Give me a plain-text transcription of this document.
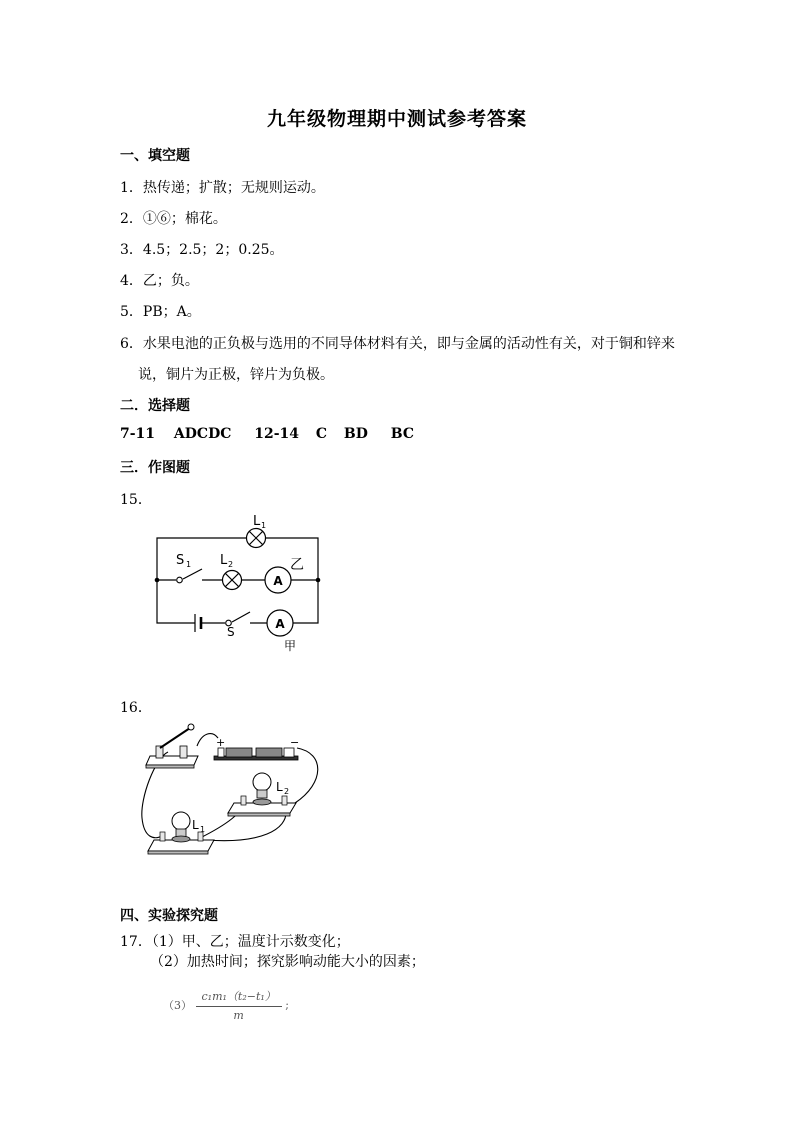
九年级物理期中测试参考答案
一、填空题
1．热传递；扩散；无规则运动。
2．①⑥；棉花。
3．4.5；2.5；2；0.25。
4．乙；负。
5．PB；A。
6．水果电池的正负极与选用的不同导体材料有关，即与金属的活动性有关，对于铜和锌来
说，铜片为正极，锌片为负极。
二．选择题
7-11 ADCDC 12-14 C BD BC
三．作图题
15．
A
A
L 1
L 2
S 1
S
乙
甲
16．
+	−
L 2
L 1
四、实验探究题
17．（1）甲、乙；温度计示数变化；
（2）加热时间；探究影响动能大小的因素；
$(3) \frac{\text{c₁m₁（t₂−t₁）}}{m}$ ;
